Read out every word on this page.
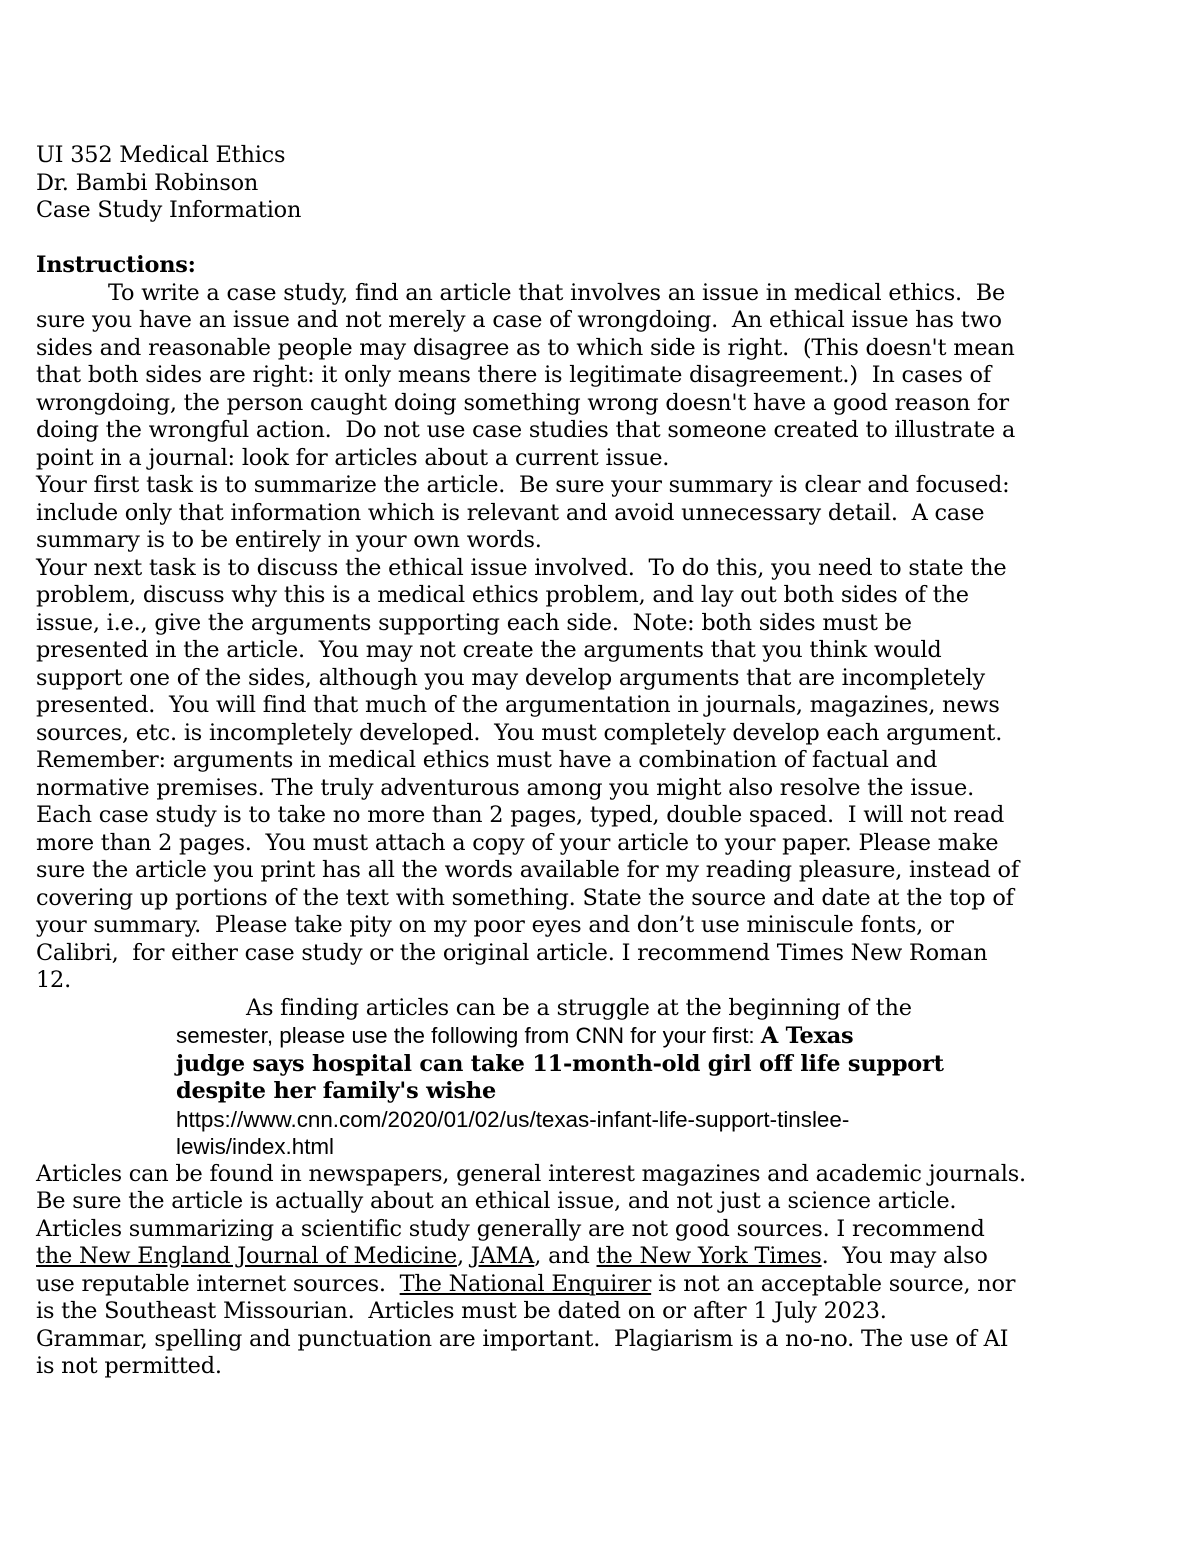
UI 352 Medical Ethics
Dr. Bambi Robinson
Case Study Information
Instructions:
To write a case study, find an article that involves an issue in medical ethics.  Be
sure you have an issue and not merely a case of wrongdoing.  An ethical issue has two
sides and reasonable people may disagree as to which side is right.  (This doesn't mean
that both sides are right: it only means there is legitimate disagreement.)  In cases of
wrongdoing, the person caught doing something wrong doesn't have a good reason for
doing the wrongful action.  Do not use case studies that someone created to illustrate a
point in a journal: look for articles about a current issue.
Your first task is to summarize the article.  Be sure your summary is clear and focused:
include only that information which is relevant and avoid unnecessary detail.  A case
summary is to be entirely in your own words.
Your next task is to discuss the ethical issue involved.  To do this, you need to state the
problem, discuss why this is a medical ethics problem, and lay out both sides of the
issue, i.e., give the arguments supporting each side.  Note: both sides must be
presented in the article.  You may not create the arguments that you think would
support one of the sides, although you may develop arguments that are incompletely
presented.  You will find that much of the argumentation in journals, magazines, news
sources, etc. is incompletely developed.  You must completely develop each argument.
Remember: arguments in medical ethics must have a combination of factual and
normative premises. The truly adventurous among you might also resolve the issue.
Each case study is to take no more than 2 pages, typed, double spaced.  I will not read
more than 2 pages.  You must attach a copy of your article to your paper. Please make
sure the article you print has all the words available for my reading pleasure, instead of
covering up portions of the text with something. State the source and date at the top of
your summary.  Please take pity on my poor eyes and don’t use miniscule fonts, or
Calibri,  for either case study or the original article. I recommend Times New Roman
12.
As finding articles can be a struggle at the beginning of the
semester, please use the following from CNN for your first: A Texas
judge says hospital can take 11-month-old girl off life support
despite her family's wishe
https://www.cnn.com/2020/01/02/us/texas-infant-life-support-tinslee-
lewis/index.html
Articles can be found in newspapers, general interest magazines and academic journals.
Be sure the article is actually about an ethical issue, and not just a science article.
Articles summarizing a scientific study generally are not good sources. I recommend
the New England Journal of Medicine, JAMA, and the New York Times.  You may also
use reputable internet sources.  The National Enquirer is not an acceptable source, nor
is the Southeast Missourian.  Articles must be dated on or after 1 July 2023.
Grammar, spelling and punctuation are important.  Plagiarism is a no-no. The use of AI
is not permitted.
